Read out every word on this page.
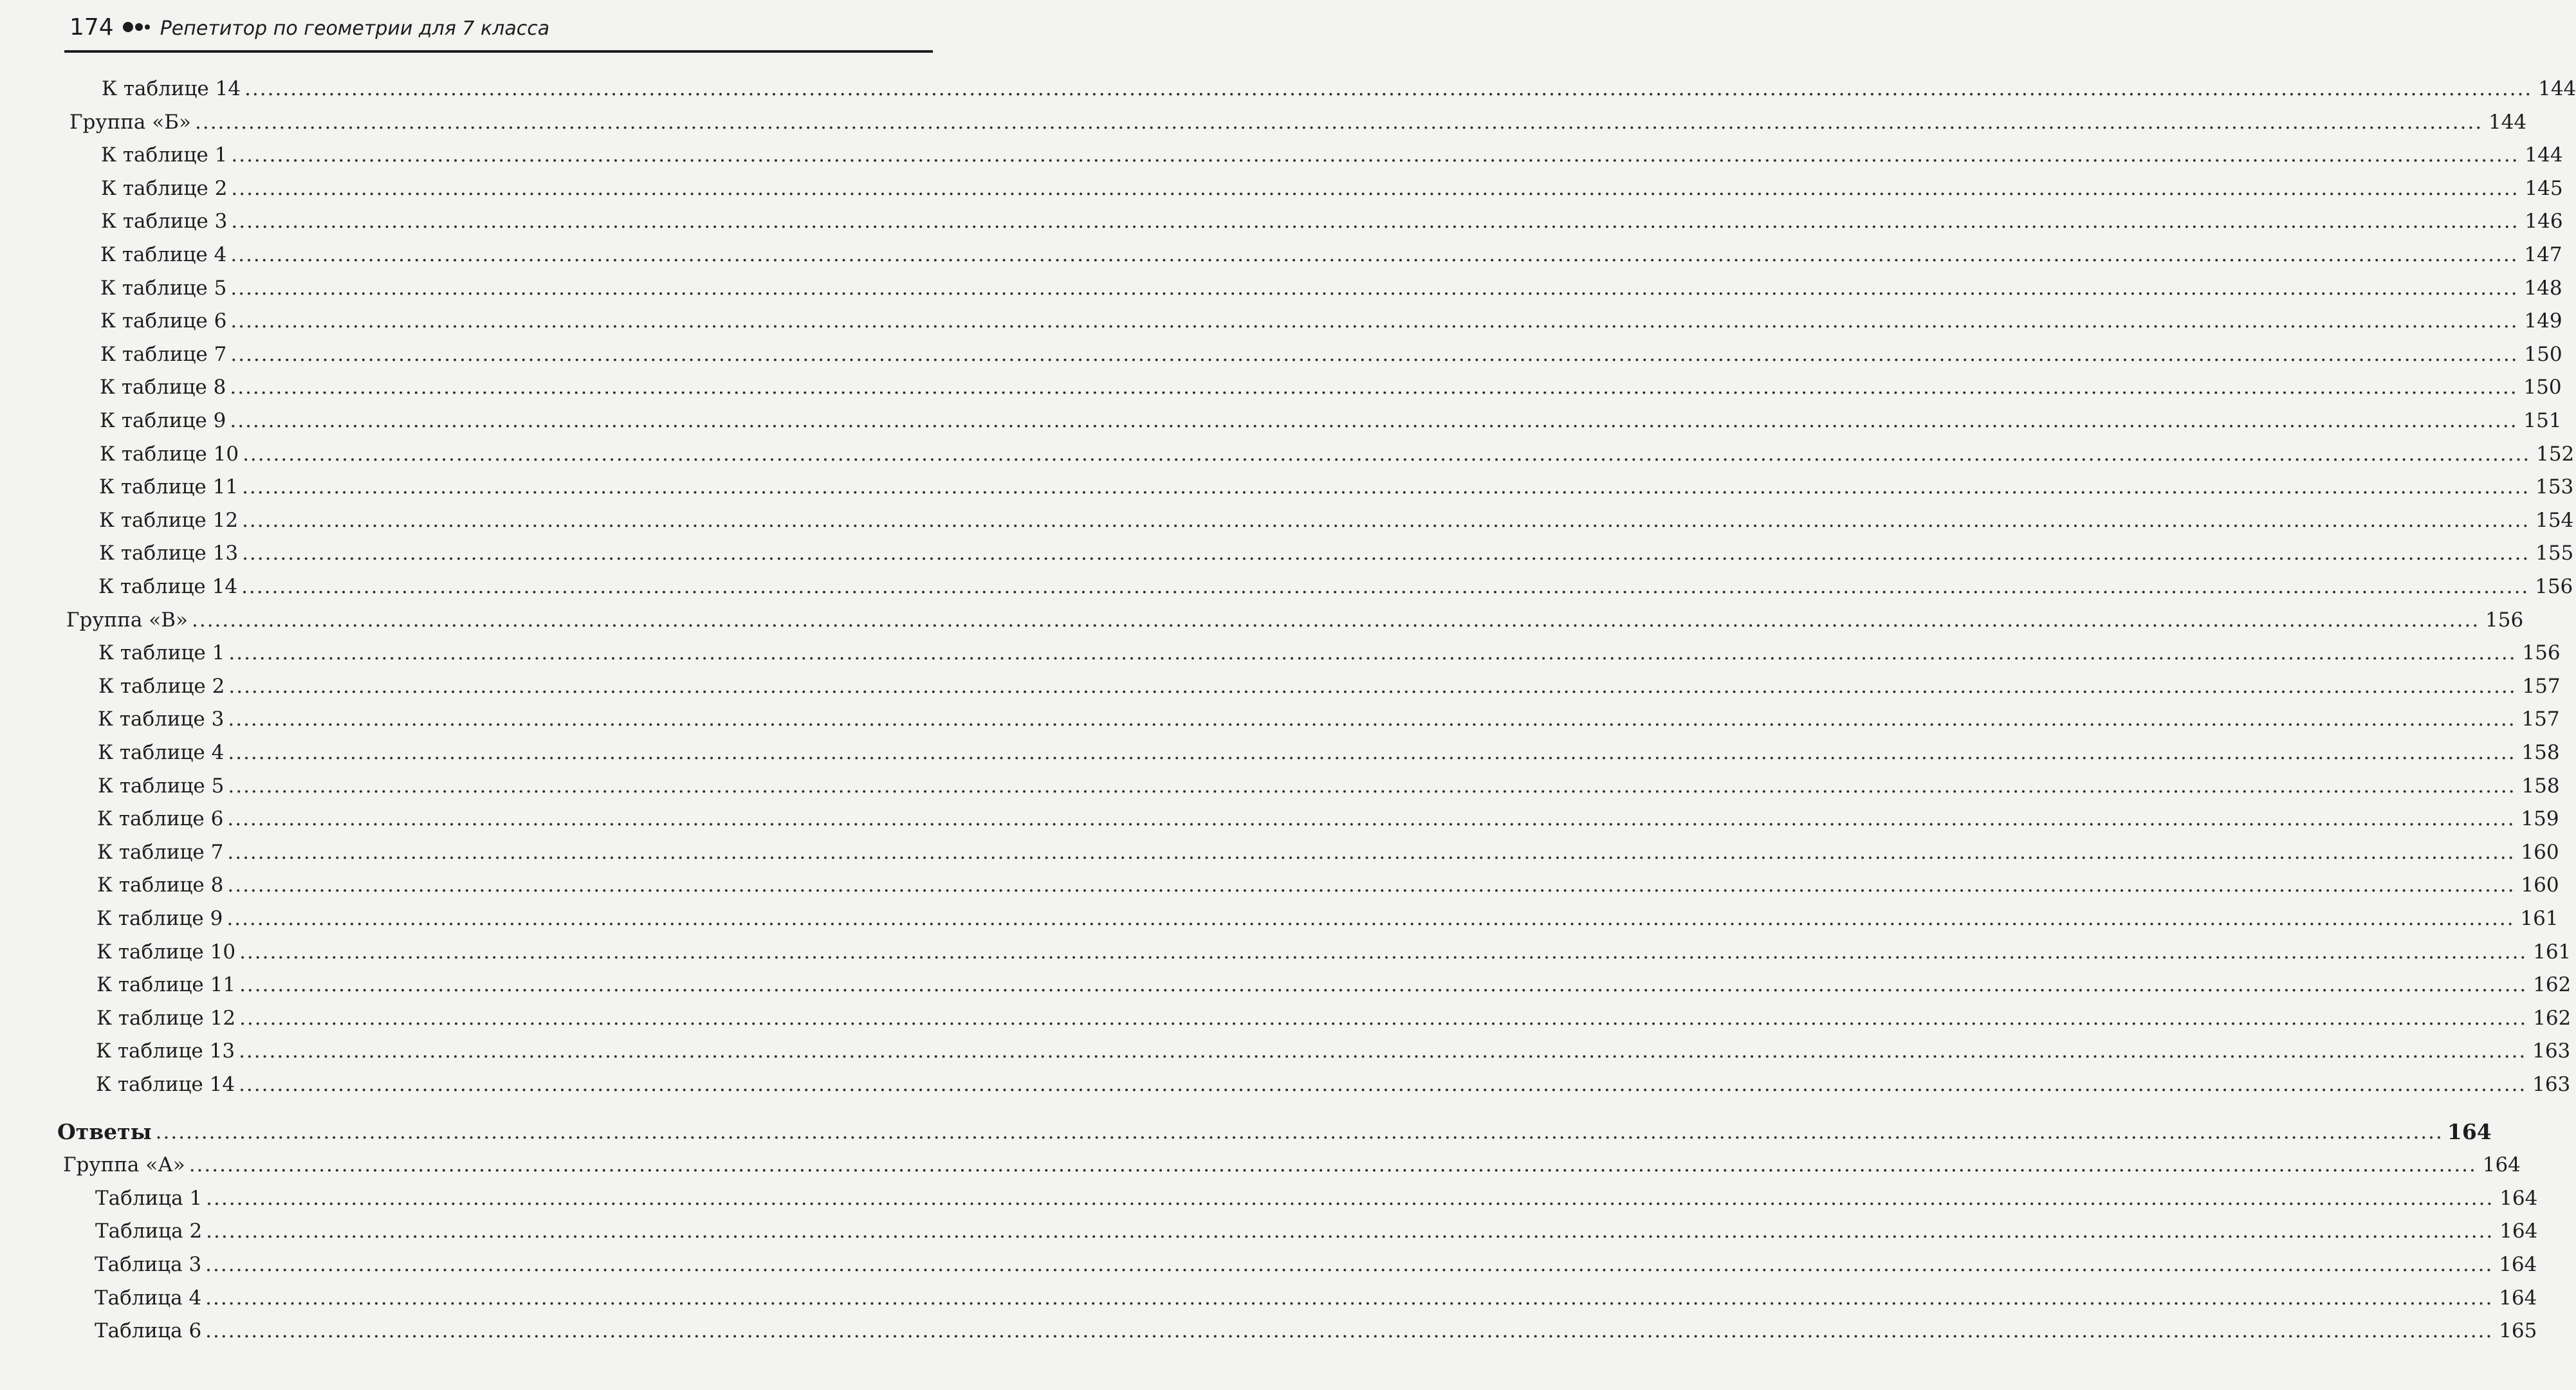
174 Репетитор по геометрии для 7 класса
К таблице 14 ............................................................................................................................................................................................................................................................................................................ 144
Группа «Б» ............................................................................................................................................................................................................................................................................................................ 144
К таблице 1 ............................................................................................................................................................................................................................................................................................................ 144
К таблице 2 ............................................................................................................................................................................................................................................................................................................ 145
К таблице 3 ............................................................................................................................................................................................................................................................................................................ 146
К таблице 4 ............................................................................................................................................................................................................................................................................................................ 147
К таблице 5 ............................................................................................................................................................................................................................................................................................................ 148
К таблице 6 ............................................................................................................................................................................................................................................................................................................ 149
К таблице 7 ............................................................................................................................................................................................................................................................................................................ 150
К таблице 8 ............................................................................................................................................................................................................................................................................................................ 150
К таблице 9 ............................................................................................................................................................................................................................................................................................................ 151
К таблице 10 ............................................................................................................................................................................................................................................................................................................ 152
К таблице 11 ............................................................................................................................................................................................................................................................................................................ 153
К таблице 12 ............................................................................................................................................................................................................................................................................................................ 154
К таблице 13 ............................................................................................................................................................................................................................................................................................................ 155
К таблице 14 ............................................................................................................................................................................................................................................................................................................ 156
Группа «В» ............................................................................................................................................................................................................................................................................................................ 156
К таблице 1 ............................................................................................................................................................................................................................................................................................................ 156
К таблице 2 ............................................................................................................................................................................................................................................................................................................ 157
К таблице 3 ............................................................................................................................................................................................................................................................................................................ 157
К таблице 4 ............................................................................................................................................................................................................................................................................................................ 158
К таблице 5 ............................................................................................................................................................................................................................................................................................................ 158
К таблице 6 ............................................................................................................................................................................................................................................................................................................ 159
К таблице 7 ............................................................................................................................................................................................................................................................................................................ 160
К таблице 8 ............................................................................................................................................................................................................................................................................................................ 160
К таблице 9 ............................................................................................................................................................................................................................................................................................................ 161
К таблице 10 ............................................................................................................................................................................................................................................................................................................ 161
К таблице 11 ............................................................................................................................................................................................................................................................................................................ 162
К таблице 12 ............................................................................................................................................................................................................................................................................................................ 162
К таблице 13 ............................................................................................................................................................................................................................................................................................................ 163
К таблице 14 ............................................................................................................................................................................................................................................................................................................ 163
Ответы ............................................................................................................................................................................................................................................................................................................ 164
Группа «А» ............................................................................................................................................................................................................................................................................................................ 164
Таблица 1 ............................................................................................................................................................................................................................................................................................................ 164
Таблица 2 ............................................................................................................................................................................................................................................................................................................ 164
Таблица 3 ............................................................................................................................................................................................................................................................................................................ 164
Таблица 4 ............................................................................................................................................................................................................................................................................................................ 164
Таблица 6 ............................................................................................................................................................................................................................................................................................................ 165
